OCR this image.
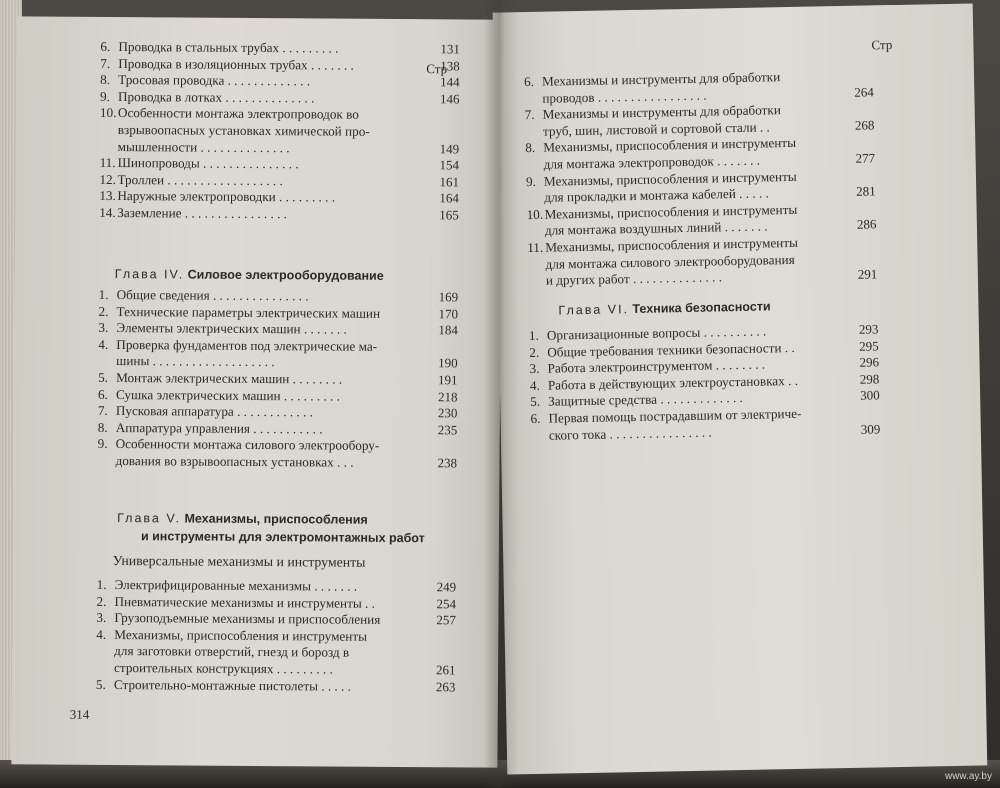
Стр
6. Проводка в стальных трубах . . . . . . . . .	131
7. Проводка в изоляционных трубах . . . . . . .	138
8. Тросовая проводка . . . . . . . . . . . . .	144
9. Проводка в лотках . . . . . . . . . . . . . .	146
10.Особенности монтажа электропроводок во
взрывоопасных установках химической про-
мышленности . . . . . . . . . . . . . .	149
11. Шинопроводы . . . . . . . . . . . . . . .	154
12.Троллеи . . . . . . . . . . . . . . . . . .	161
13.Наружные электропроводки . . . . . . . . .	164
14.Заземление . . . . . . . . . . . . . . . .	165
Глава IV. Силовое электрооборудование
1. Общие сведения . . . . . . . . . . . . . . .	169
2. Технические параметры электрических машин	170
3. Элементы электрических машин . . . . . . .	184
4. Проверка фундаментов под электрические ма-
шины . . . . . . . . . . . . . . . . . . .	190
5. Монтаж электрических машин . . . . . . . .	191
6. Сушка электрических машин . . . . . . . . .	218
7. Пусковая аппаратура . . . . . . . . . . . .	230
8. Аппаратура управления . . . . . . . . . . .	235
9. Особенности монтажа силового электрообору-
дования во взрывоопасных установках . . .	238
Глава V. Механизмы, приспособления
и инструменты для электромонтажных работ
Универсальные механизмы и инструменты
1. Электрифицированные механизмы . . . . . . .	249
2. Пневматические механизмы и инструменты . .	254
3. Грузоподъемные механизмы и приспособления	257
4. Механизмы, приспособления и инструменты
для заготовки отверстий, гнезд и борозд в
строительных конструкциях . . . . . . . . .	261
5. Строительно-монтажные пистолеты . . . . .	263
314
Стр
6. Механизмы и инструменты для обработки
проводов . . . . . . . . . . . . . . . . .	264
7. Механизмы и инструменты для обработки
труб, шин, листовой и сортовой стали . .	268
8. Механизмы, приспособления и инструменты
для монтажа электропроводок . . . . . . .	277
9. Механизмы, приспособления и инструменты
для прокладки и монтажа кабелей . . . . .	281
10.Механизмы, приспособления и инструменты
для монтажа воздушных линий . . . . . . .	286
11. Механизмы, приспособления и инструменты
для монтажа силового электрооборудования
и других работ . . . . . . . . . . . . . .	291
Глава VI. Техника безопасности
1. Организационные вопросы . . . . . . . . . .	293
2. Общие требования техники безопасности . .	295
3. Работа электроинструментом . . . . . . . .	296
4. Работа в действующих электроустановках . .	298
5. Защитные средства . . . . . . . . . . . . .	300
6. Первая помощь пострадавшим от электриче-
ского тока . . . . . . . . . . . . . . . .	309
www.ay.by
